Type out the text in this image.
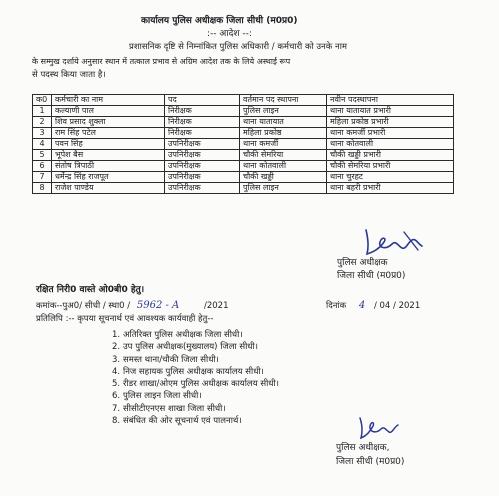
कार्यालय पुलिस अधीक्षक जिला सीधी (म0प्र0)
:-- आदेश --:
प्रशासनिक दृष्टि से निम्नांकित पुलिस अधिकारी / कर्मचारी को उनके नाम
के सम्मुख दर्शाये अनुसार स्थान में तत्काल प्रभाव से अग्रिम आदेश तक के लिये अस्थाई रूप
से पदस्थ किया जाता है।
क0	कर्मचारी का नाम	पद	वर्तमान पद स्थापना	नवीन पदस्थापना
1	कल्याणी पाल	निरीक्षक	पुलिस लाइन	थाना यातायात प्रभारी
2	शिव प्रसाद शुक्ला	निरीक्षक	थाना यातायात	महिला प्रकोष्ठ प्रभारी
3	राम सिंह पटेल	निरीक्षक	महिला प्रकोष्ठ	थाना कमर्जी प्रभारी
4	पवन सिंह	उपनिरीक्षक	थाना कमर्जी	थाना कोतवाली
5	भूपेश बैस	उपनिरीक्षक	चौकी सेमरिया	चौकी खड्डी प्रभारी
6	संतोष त्रिपाठी	उपनिरीक्षक	थाना कोतवाली	चौकी सेमरिया प्रभारी
7	धर्मेन्द्र सिंह राजपूत	उपनिरीक्षक	चौकी खड्डी	थाना चुरहट
8	राजेश पाण्डेय	उपनिरीक्षक	पुलिस लाइन	थाना बहरी प्रभारी
पुलिस अधीक्षक
जिला सीधी (म0प्र0)
रक्षित निरी0 वास्ते ओ0बी0 हेतु।
कमांक--पुअ0/ सीधी / स्था0 / 5962 - A	/2021	दिनांक 4 / 04 / 2021
प्रतिलिपि :-- कृपया सूचनार्थ एवं आवश्यक कार्यवाही हेतु--
1. अतिरिक्त पुलिस अधीक्षक जिला सीधी।
2. उप पुलिस अधीक्षक(मुख्यालय) जिला सीधी।
3. समस्त थाना/चौकी जिला सीधी।
4. निज सहायक पुलिस अधीक्षक कार्यालय सीधी।
5. रीडर शाखा/ओएम पुलिस अधीक्षक कार्यालय सीधी।
6. पुलिस लाइन जिला सीधी।
7. सीसीटीएनएस शाखा जिला सीधी।
8. संबंधित की ओर सूचनार्थ एवं पालनार्थ।
पुलिस अधीक्षक,
जिला सीधी (म0प्र0)
